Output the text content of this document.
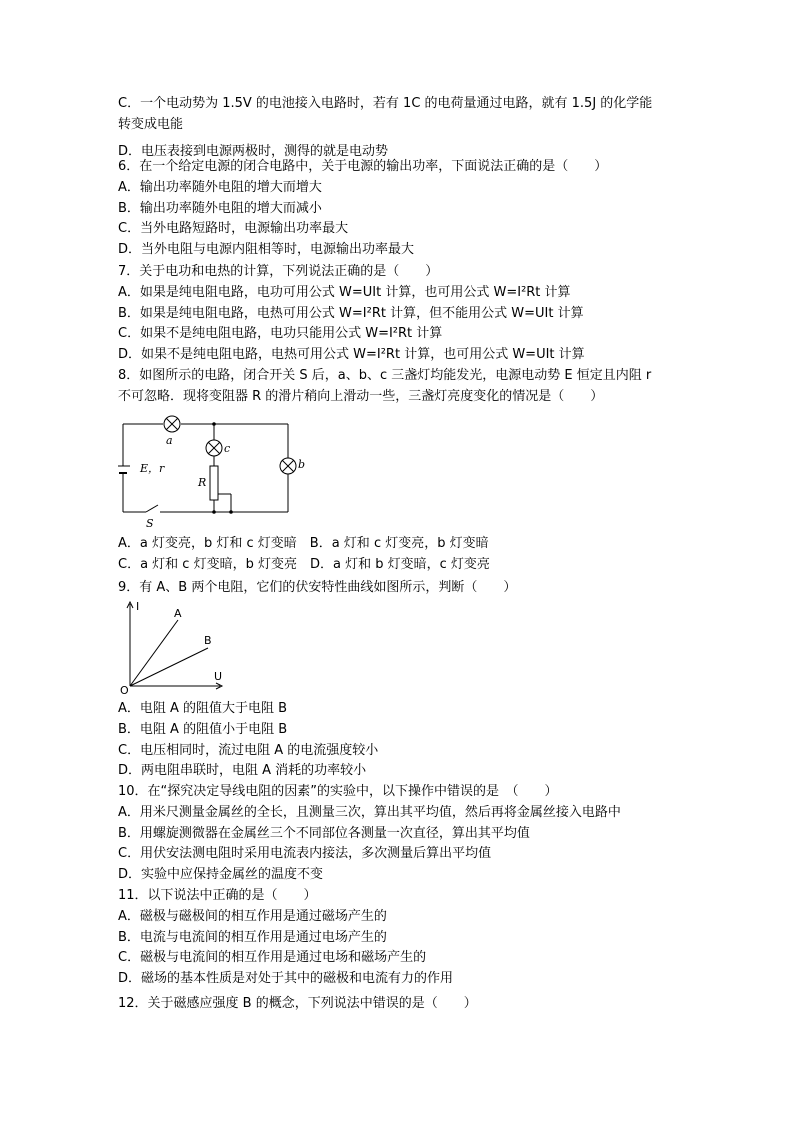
C．一个电动势为 1.5V 的电池接入电路时，若有 1C 的电荷量通过电路，就有 1.5J 的化学能
转变成电能
D．电压表接到电源两极时，测得的就是电动势
6．在一个给定电源的闭合电路中，关于电源的输出功率，下面说法正确的是（　　）
A．输出功率随外电阻的增大而增大
B．输出功率随外电阻的增大而减小
C．当外电路短路时，电源输出功率最大
D．当外电阻与电源内阻相等时，电源输出功率最大
7．关于电功和电热的计算，下列说法正确的是（　　）
A．如果是纯电阻电路，电功可用公式 W=UIt 计算，也可用公式 W=I²Rt 计算
B．如果是纯电阻电路，电热可用公式 W=I²Rt 计算，但不能用公式 W=UIt 计算
C．如果不是纯电阻电路，电功只能用公式 W=I²Rt 计算
D．如果不是纯电阻电路，电热可用公式 W=I²Rt 计算，也可用公式 W=UIt 计算
8．如图所示的电路，闭合开关 S 后，a、b、c 三盏灯均能发光，电源电动势 E 恒定且内阻 r
不可忽略．现将变阻器 R 的滑片稍向上滑动一些，三盏灯亮度变化的情况是（　　）
a
b
c
E，r
R
S
A．a 灯变亮，b 灯和 c 灯变暗　B．a 灯和 c 灯变亮，b 灯变暗
C．a 灯和 c 灯变暗，b 灯变亮　D．a 灯和 b 灯变暗，c 灯变亮
9．有 A、B 两个电阻，它们的伏安特性曲线如图所示，判断（　　）
I
U
O
A
B
A．电阻 A 的阻值大于电阻 B
B．电阻 A 的阻值小于电阻 B
C．电压相同时，流过电阻 A 的电流强度较小
D．两电阻串联时，电阻 A 消耗的功率较小
10．在“探究决定导线电阻的因素”的实验中，以下操作中错误的是　（　　）
A．用米尺测量金属丝的全长，且测量三次，算出其平均值，然后再将金属丝接入电路中
B．用螺旋测微器在金属丝三个不同部位各测量一次直径，算出其平均值
C．用伏安法测电阻时采用电流表内接法，多次测量后算出平均值
D．实验中应保持金属丝的温度不变
11．以下说法中正确的是（　　）
A．磁极与磁极间的相互作用是通过磁场产生的
B．电流与电流间的相互作用是通过电场产生的
C．磁极与电流间的相互作用是通过电场和磁场产生的
D．磁场的基本性质是对处于其中的磁极和电流有力的作用
12．关于磁感应强度 B 的概念，下列说法中错误的是（　　）
